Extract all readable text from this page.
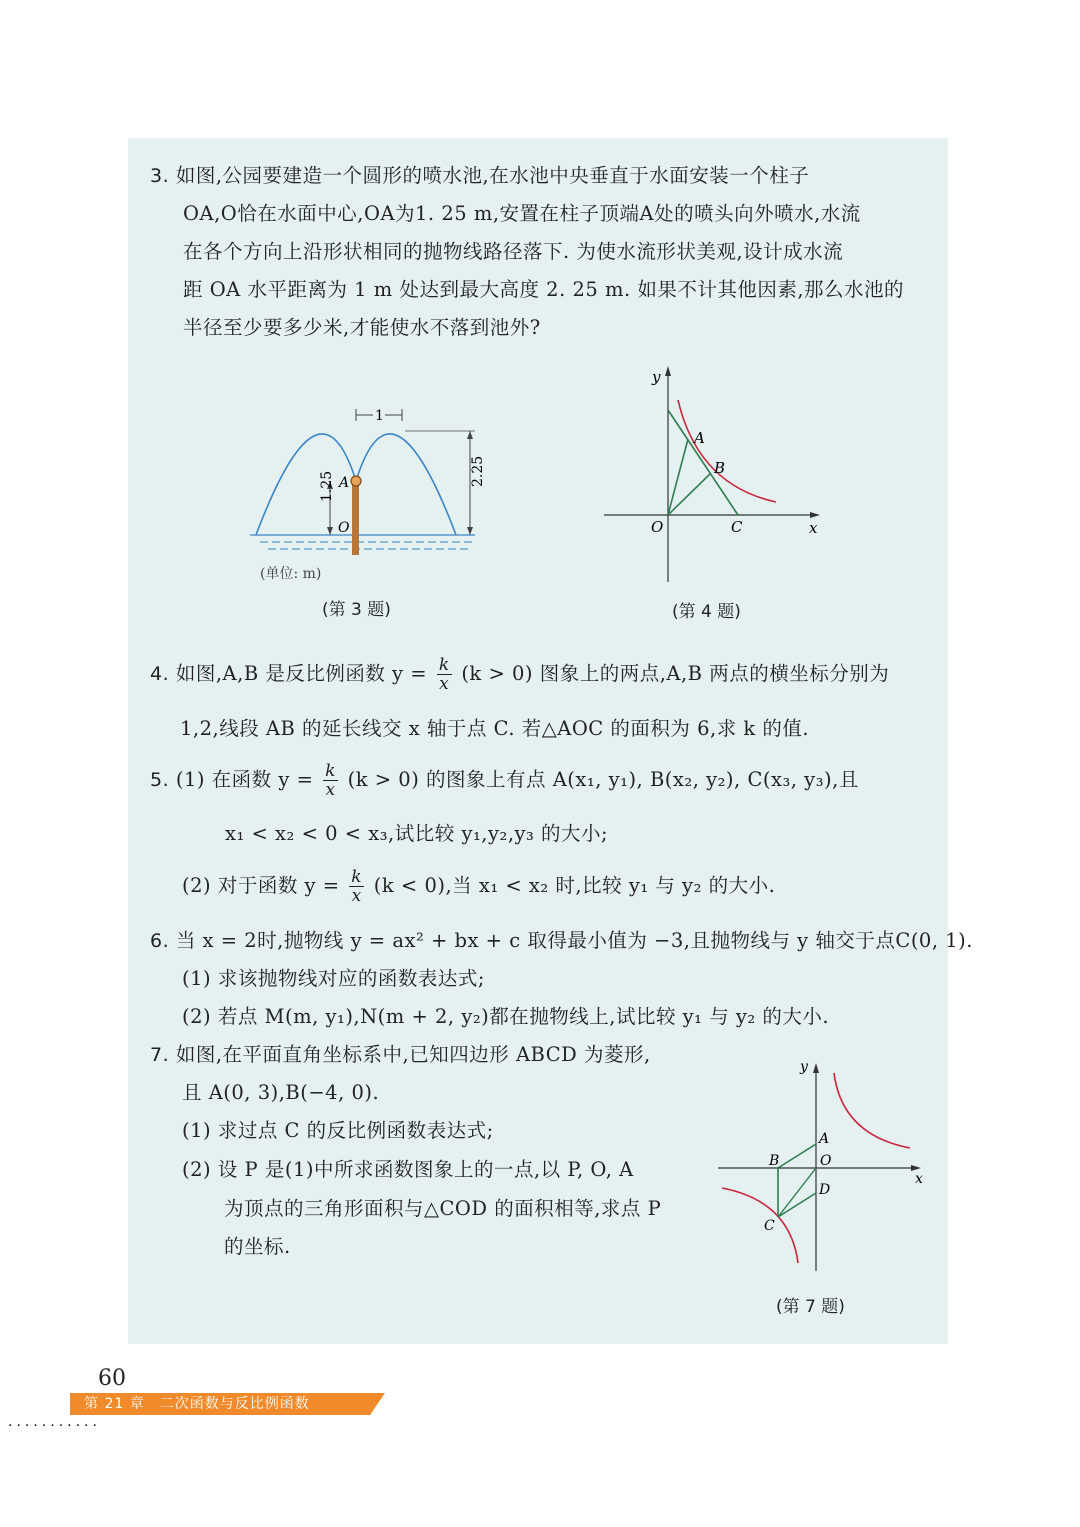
3. 如图,公园要建造一个圆形的喷水池,在水池中央垂直于水面安装一个柱子
OA,O恰在水面中心,OA为1. 25 m,安置在柱子顶端A处的喷头向外喷水,水流
在各个方向上沿形状相同的抛物线路径落下. 为使水流形状美观,设计成水流
距 OA 水平距离为 1 m 处达到最大高度 2. 25 m. 如果不计其他因素,那么水池的
半径至少要多少米,才能使水不落到池外?
1.25 A
O
2.25
1
(单位: m)
(第 3 题)
y
x
A
B
O	C
(第 4 题)
4. 如图,A,B 是反比例函数 $y = \frac{k}{x} (k > 0)$ 图象上的两点,A,B 两点的横坐标分别为
1,2,线段 AB 的延长线交 x 轴于点 C. 若△AOC 的面积为 6,求 k 的值.
5. (1) 在函数 $y = \frac{k}{x} (k > 0)$ 的图象上有点 A(x₁, y₁), B(x₂, y₂), C(x₃, y₃),且
x₁ < x₂ < 0 < x₃,试比较 y₁,y₂,y₃ 的大小;
(2) 对于函数 $y = \frac{k}{x} (k < 0)$,当 x₁ < x₂ 时,比较 y₁ 与 y₂ 的大小.
6. 当 x = 2时,抛物线 y = ax² + bx + c 取得最小值为 −3,且抛物线与 y 轴交于点C(0, 1).
(1) 求该抛物线对应的函数表达式;
(2) 若点 M(m, y₁),N(m + 2, y₂)都在抛物线上,试比较 y₁ 与 y₂ 的大小.
7. 如图,在平面直角坐标系中,已知四边形 ABCD 为菱形,
且 A(0, 3),B(−4, 0).
(1) 求过点 C 的反比例函数表达式;
(2) 设 P 是(1)中所求函数图象上的一点,以 P, O, A
为顶点的三角形面积与△COD 的面积相等,求点 P
的坐标.
y
x
A
B	O
D
C
(第 7 题)
60
第 21 章　二次函数与反比例函数
···········
